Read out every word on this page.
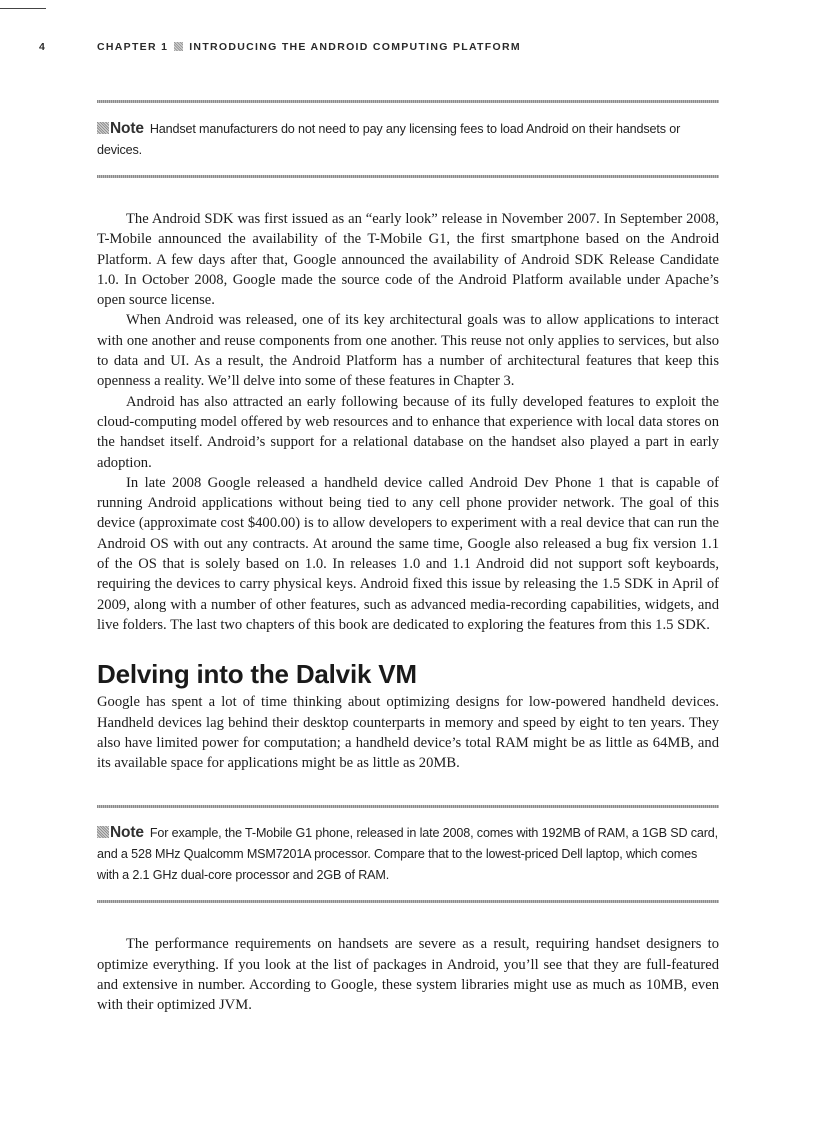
4	CHAPTER 1 INTRODUCING THE ANDROID COMPUTING PLATFORM
Note Handset manufacturers do not need to pay any licensing fees to load Android on their handsets or devices.

The Android SDK was first issued as an “early look” release in November 2007. In September 2008, T-Mobile announced the availability of the T-Mobile G1, the first smartphone based on the Android Platform. A few days after that, Google announced the availability of Android SDK Release Candidate 1.0. In October 2008, Google made the source code of the Android Platform available under Apache’s open source license.

When Android was released, one of its key architectural goals was to allow applications to interact with one another and reuse components from one another. This reuse not only applies to services, but also to data and UI. As a result, the Android Platform has a number of architectural features that keep this openness a reality. We’ll delve into some of these features in Chapter 3.

Android has also attracted an early following because of its fully developed features to exploit the cloud-computing model offered by web resources and to enhance that experience with local data stores on the handset itself. Android’s support for a relational database on the handset also played a part in early adoption.

In late 2008 Google released a handheld device called Android Dev Phone 1 that is capable of running Android applications without being tied to any cell phone provider network. The goal of this device (approximate cost $400.00) is to allow developers to experiment with a real device that can run the Android OS with out any contracts. At around the same time, Google also released a bug fix version 1.1 of the OS that is solely based on 1.0. In releases 1.0 and 1.1 Android did not support soft keyboards, requiring the devices to carry physical keys. Android fixed this issue by releasing the 1.5 SDK in April of 2009, along with a number of other features, such as advanced media-recording capabilities, widgets, and live folders. The last two chapters of this book are dedicated to exploring the features from this 1.5 SDK.

Delving into the Dalvik VM

Google has spent a lot of time thinking about optimizing designs for low-powered handheld devices. Handheld devices lag behind their desktop counterparts in memory and speed by eight to ten years. They also have limited power for computation; a handheld device’s total RAM might be as little as 64MB, and its available space for applications might be as little as 20MB.

Note For example, the T-Mobile G1 phone, released in late 2008, comes with 192MB of RAM, a 1GB SD card, and a 528 MHz Qualcomm MSM7201A processor. Compare that to the lowest-priced Dell laptop, which comes with a 2.1 GHz dual-core processor and 2GB of RAM.

The performance requirements on handsets are severe as a result, requiring handset designers to optimize everything. If you look at the list of packages in Android, you’ll see that they are full-featured and extensive in number. According to Google, these system libraries might use as much as 10MB, even with their optimized JVM.
